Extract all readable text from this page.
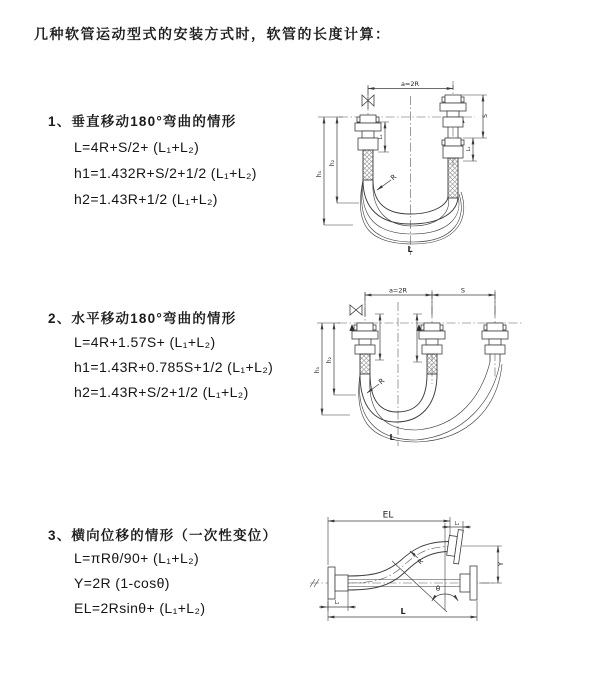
几种软管运动型式的安装方式时，软管的长度计算：
1、垂直移动180°弯曲的情形
L=4R+S/2+ (L₁+L₂)
h1=1.432R+S/2+1/2 (L₁+L₂)
h2=1.43R+1/2 (L₁+L₂)
2、水平移动180°弯曲的情形
L=4R+1.57S+ (L₁+L₂)
h1=1.43R+0.785S+1/2 (L₁+L₂)
h2=1.43R+S/2+1/2 (L₁+L₂)
3、横向位移的情形（一次性变位）
L=πRθ/90+ (L₁+L₂)
Y=2R (1-cosθ)
EL=2Rsinθ+ (L₁+L₂)
a=2R
h₁
h₂
L₁
S
L₁
R
L
a=2R	S
h₁
h₂
R
L
EL
L₁
Y
θ
R
L₁
L
